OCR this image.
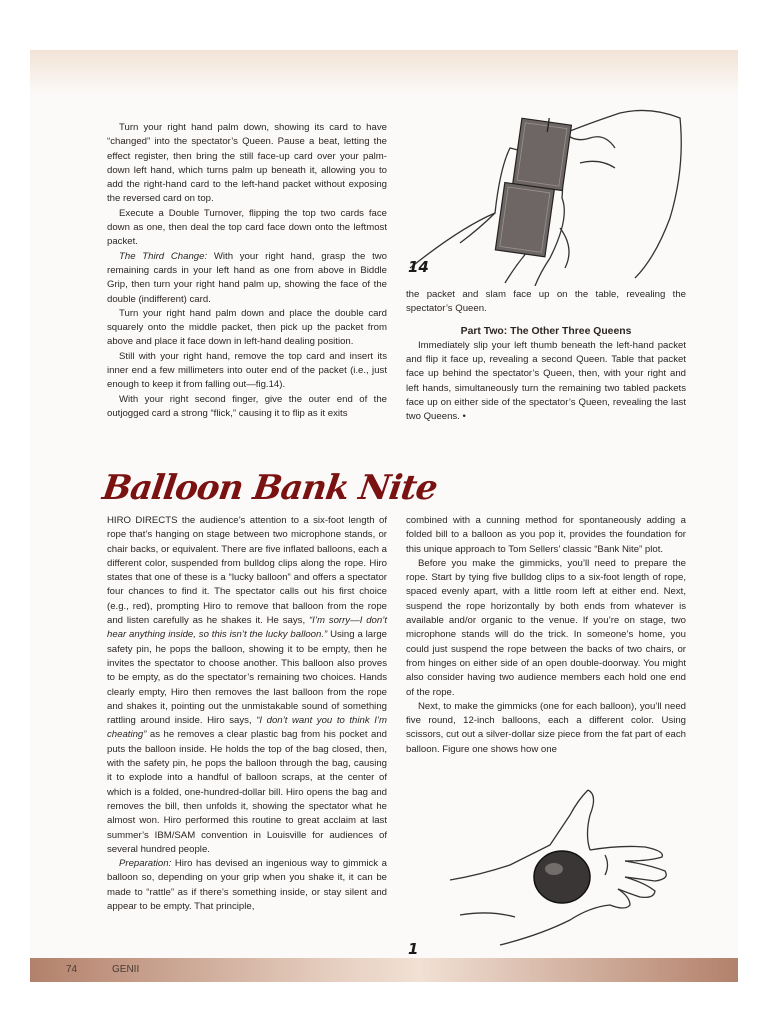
Turn your right hand palm down, showing its card to have “changed” into the spectator’s Queen. Pause a beat, letting the effect register, then bring the still face-up card over your palm-down left hand, which turns palm up beneath it, allowing you to add the right-hand card to the left-hand packet without exposing the reversed card on top.

Execute a Double Turnover, flipping the top two cards face down as one, then deal the top card face down onto the leftmost packet.

The Third Change: With your right hand, grasp the two remaining cards in your left hand as one from above in Biddle Grip, then turn your right hand palm up, showing the face of the double (indifferent) card.

Turn your right hand palm down and place the double card squarely onto the middle packet, then pick up the packet from above and place it face down in left-hand dealing position.

Still with your right hand, remove the top card and insert its inner end a few millimeters into outer end of the packet (i.e., just enough to keep it from falling out—fig.14).

With your right second finger, give the outer end of the outjogged card a strong “flick,” causing it to flip as it exits

14

the packet and slam face up on the table, revealing the spectator’s Queen.

Part Two: The Other Three Queens

Immediately slip your left thumb beneath the left-hand packet and flip it face up, revealing a second Queen. Table that packet face up behind the spectator’s Queen, then, with your right and left hands, simultaneously turn the remaining two tabled packets face up on either side of the spectator’s Queen, revealing the last two Queens. •

Balloon Bank Nite

HIRO DIRECTS the audience’s attention to a six-foot length of rope that’s hanging on stage between two microphone stands, or chair backs, or equivalent. There are five inflated balloons, each a different color, suspended from bulldog clips along the rope. Hiro states that one of these is a “lucky balloon” and offers a spectator four chances to find it. The spectator calls out his first choice (e.g., red), prompting Hiro to remove that balloon from the rope and listen carefully as he shakes it. He says, “I’m sorry—I don’t hear anything inside, so this isn’t the lucky balloon.” Using a large safety pin, he pops the balloon, showing it to be empty, then he invites the spectator to choose another. This balloon also proves to be empty, as do the spectator’s remaining two choices. Hands clearly empty, Hiro then removes the last balloon from the rope and shakes it, pointing out the unmistakable sound of something rattling around inside. Hiro says, “I don’t want you to think I’m cheating” as he removes a clear plastic bag from his pocket and puts the balloon inside. He holds the top of the bag closed, then, with the safety pin, he pops the balloon through the bag, causing it to explode into a handful of balloon scraps, at the center of which is a folded, one-hundred-dollar bill. Hiro opens the bag and removes the bill, then unfolds it, showing the spectator what he almost won. Hiro performed this routine to great acclaim at last summer’s IBM/SAM convention in Louisville for audiences of several hundred people.

Preparation: Hiro has devised an ingenious way to gimmick a balloon so, depending on your grip when you shake it, it can be made to “rattle” as if there’s something inside, or stay silent and appear to be empty. That principle,

combined with a cunning method for spontaneously adding a folded bill to a balloon as you pop it, provides the foundation for this unique approach to Tom Sellers’ classic “Bank Nite” plot.

Before you make the gimmicks, you’ll need to prepare the rope. Start by tying five bulldog clips to a six-foot length of rope, spaced evenly apart, with a little room left at either end. Next, suspend the rope horizontally by both ends from whatever is available and/or organic to the venue. If you’re on stage, two microphone stands will do the trick. In someone’s home, you could just suspend the rope between the backs of two chairs, or from hinges on either side of an open double-doorway. You might also consider having two audience members each hold one end of the rope.

Next, to make the gimmicks (one for each balloon), you’ll need five round, 12-inch balloons, each a different color. Using scissors, cut out a silver-dollar size piece from the fat part of each balloon. Figure one shows how one

1
74	GENII
